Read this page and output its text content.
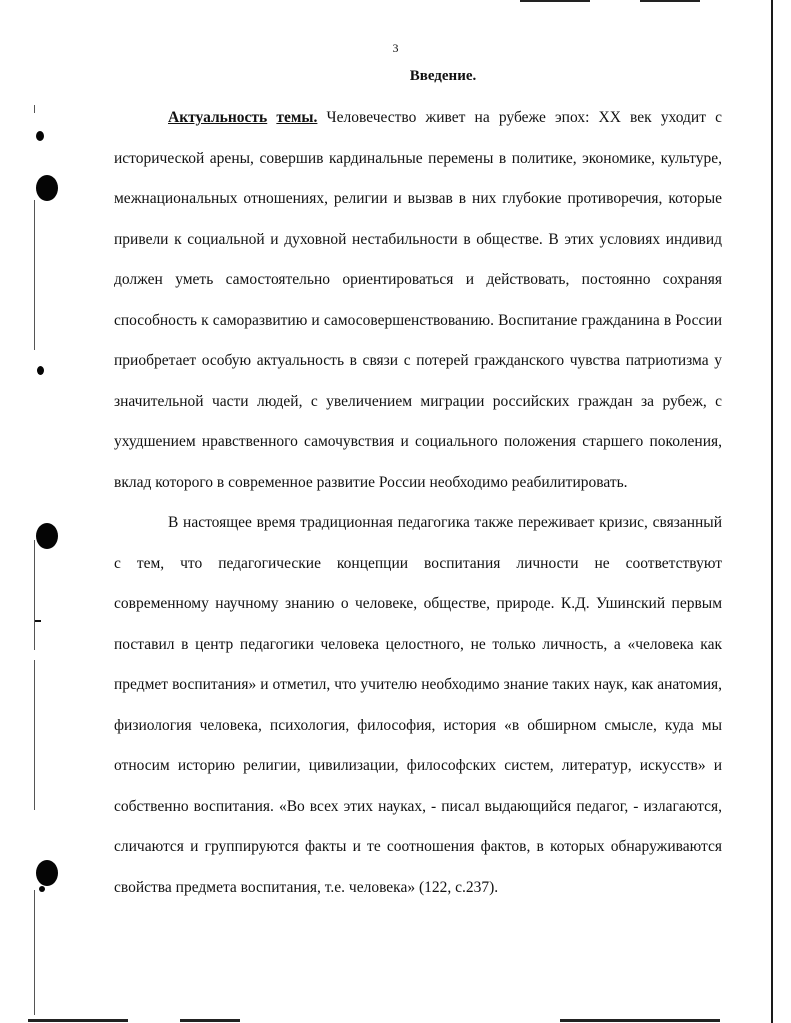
3
Введение.

Актуальность темы. Человечество живет на рубеже эпох: XX век уходит с исторической арены, совершив кардинальные перемены в политике, экономике, культуре, межнациональных отношениях, религии и вызвав в них глубокие противоречия, которые привели к социальной и духовной нестабильности в обществе. В этих условиях индивид должен уметь самостоятельно ориентироваться и действовать, постоянно сохраняя способность к саморазвитию и самосовершенствованию. Воспитание гражданина в России приобретает особую актуальность в связи с потерей гражданского чувства патриотизма у значительной части людей, с увеличением миграции российских граждан за рубеж, с ухудшением нравственного самочувствия и социального положения старшего поколения, вклад которого в современное развитие России необходимо реабилитировать.

В настоящее время традиционная педагогика также переживает кризис, связанный с тем, что педагогические концепции воспитания личности не соответствуют современному научному знанию о человеке, обществе, природе. К.Д. Ушинский первым поставил в центр педагогики человека целостного, не только личность, а «человека как предмет воспитания» и отметил, что учителю необходимо знание таких наук, как анатомия, физиология человека, психология, философия, история «в обширном смысле, куда мы относим историю религии, цивилизации, философских систем, литератур, искусств» и собственно воспитания. «Во всех этих науках, - писал выдающийся педагог, - излагаются, сличаются и группируются факты и те соотношения фактов, в которых обнаруживаются свойства предмета воспитания, т.е. человека» (122, с.237).
